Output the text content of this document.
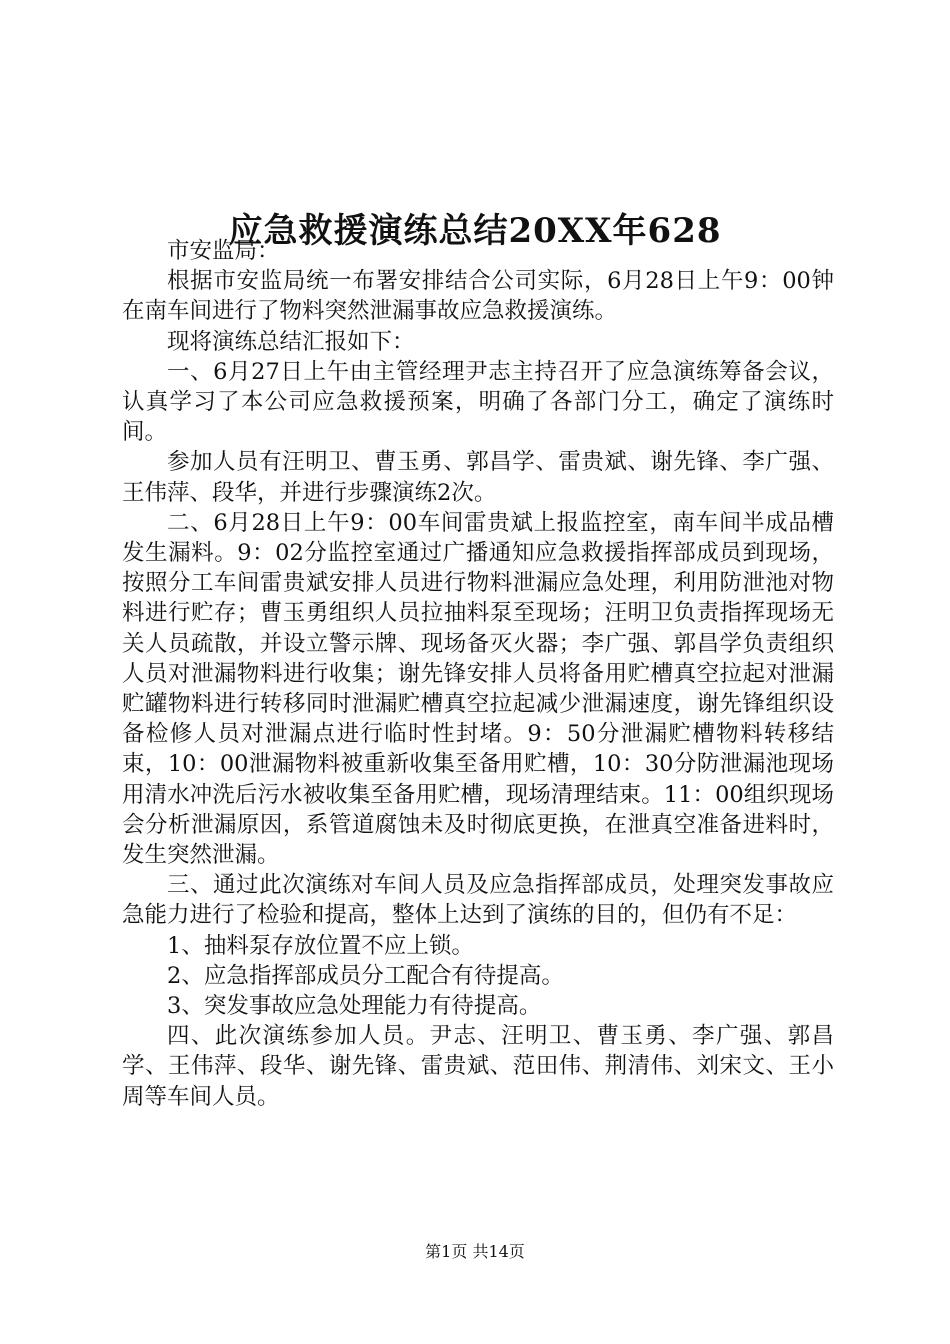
应急救援演练总结20XX年628

市安监局：

根据市安监局统一布署安排结合公司实际，6月28日上午9：00钟在南车间进行了物料突然泄漏事故应急救援演练。

现将演练总结汇报如下：

一、6月27日上午由主管经理尹志主持召开了应急演练筹备会议，认真学习了本公司应急救援预案，明确了各部门分工，确定了演练时间。

参加人员有汪明卫、曹玉勇、郭昌学、雷贵斌、谢先锋、李广强、王伟萍、段华，并进行步骤演练2次。

二、6月28日上午9：00车间雷贵斌上报监控室，南车间半成品槽发生漏料。9：02分监控室通过广播通知应急救援指挥部成员到现场，按照分工车间雷贵斌安排人员进行物料泄漏应急处理，利用防泄池对物料进行贮存；曹玉勇组织人员拉抽料泵至现场；汪明卫负责指挥现场无关人员疏散，并设立警示牌、现场备灭火器；李广强、郭昌学负责组织人员对泄漏物料进行收集；谢先锋安排人员将备用贮槽真空拉起对泄漏贮罐物料进行转移同时泄漏贮槽真空拉起减少泄漏速度，谢先锋组织设备检修人员对泄漏点进行临时性封堵。9：50分泄漏贮槽物料转移结束，10：00泄漏物料被重新收集至备用贮槽，10：30分防泄漏池现场用清水冲洗后污水被收集至备用贮槽，现场清理结束。11：00组织现场会分析泄漏原因，系管道腐蚀未及时彻底更换，在泄真空准备进料时，发生突然泄漏。

三、通过此次演练对车间人员及应急指挥部成员，处理突发事故应急能力进行了检验和提高，整体上达到了演练的目的，但仍有不足：

1、抽料泵存放位置不应上锁。

2、应急指挥部成员分工配合有待提高。

3、突发事故应急处理能力有待提高。

四、此次演练参加人员。尹志、汪明卫、曹玉勇、李广强、郭昌学、王伟萍、段华、谢先锋、雷贵斌、范田伟、荆清伟、刘宋文、王小周等车间人员。

第1页 共14页
